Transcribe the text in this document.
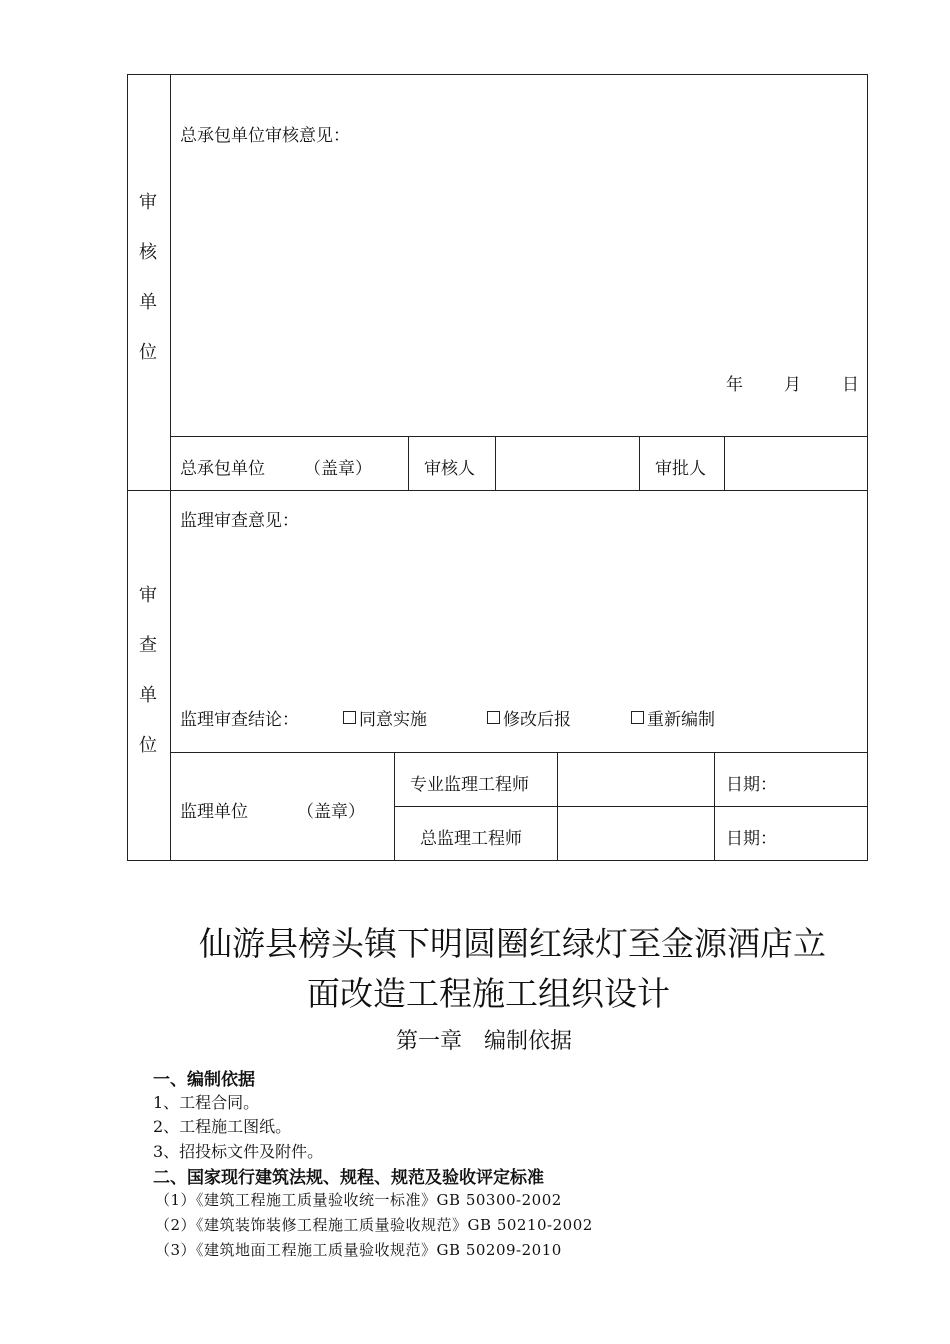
审
核
单
位
总承包单位审核意见：
年 月 日
总承包单位 （盖章）	审核人	审批人
审
查
单
位
监理审查意见：
监理审查结论：	同意实施	修改后报	重新编制
监理单位	（盖章）
专业监理工程师	日期：
总监理工程师	日期：
仙游县榜头镇下明圆圈红绿灯至金源酒店立
面改造工程施工组织设计
第一章　编制依据
一、编制依据
1、工程合同。
2、工程施工图纸。
3、招投标文件及附件。
二、国家现行建筑法规、规程、规范及验收评定标准
（1）《建筑工程施工质量验收统一标准》GB 50300-2002
（2）《建筑装饰装修工程施工质量验收规范》GB 50210-2002
（3）《建筑地面工程施工质量验收规范》GB 50209-2010
